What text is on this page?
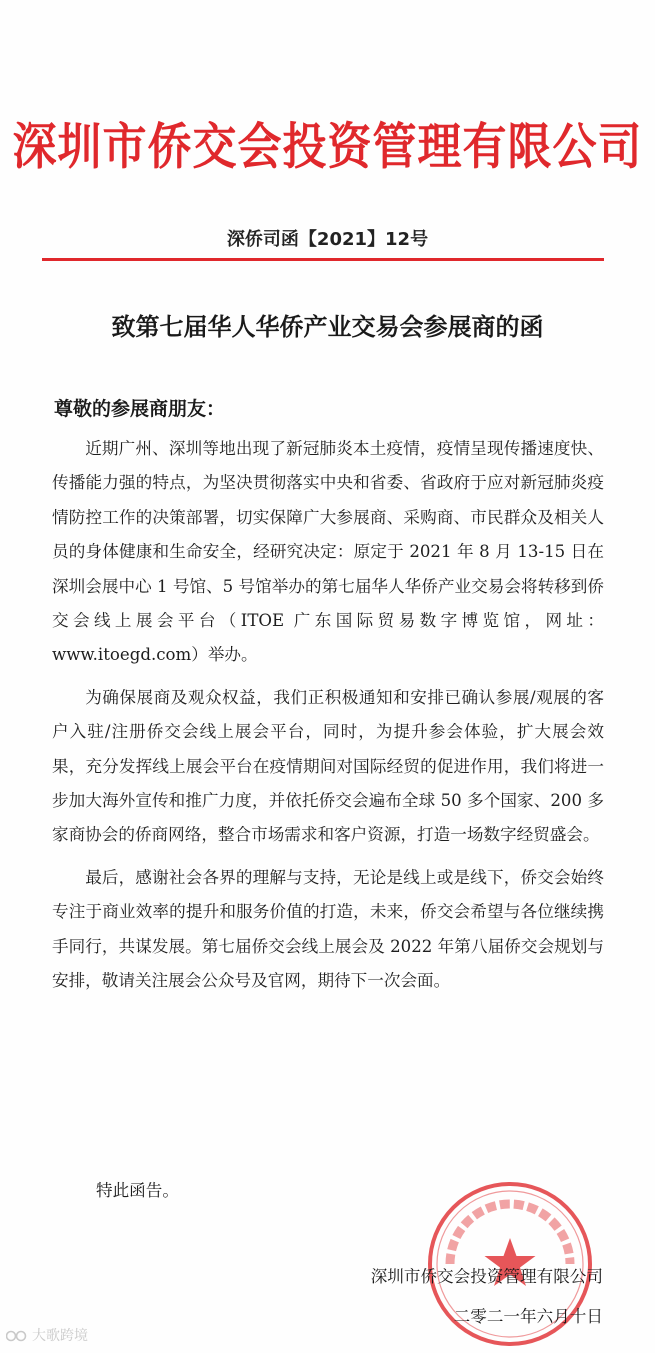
深圳市侨交会投资管理有限公司
深侨司函【2021】12号
致第七届华人华侨产业交易会参展商的函
尊敬的参展商朋友：

近期广州、深圳等地出现了新冠肺炎本土疫情，疫情呈现传播速度快、传播能力强的特点，为坚决贯彻落实中央和省委、省政府于应对新冠肺炎疫情防控工作的决策部署，切实保障广大参展商、采购商、市民群众及相关人员的身体健康和生命安全，经研究决定：原定于 2021 年 8 月 13-15 日在深圳会展中心 1 号馆、5 号馆举办的第七届华人华侨产业交易会将转移到侨交会线上展会平台（ITOE 广东国际贸易数字博览馆，网址：www.itoegd.com）举办。

为确保展商及观众权益，我们正积极通知和安排已确认参展/观展的客户入驻/注册侨交会线上展会平台，同时，为提升参会体验，扩大展会效果，充分发挥线上展会平台在疫情期间对国际经贸的促进作用，我们将进一步加大海外宣传和推广力度，并依托侨交会遍布全球 50 多个国家、200 多家商协会的侨商网络，整合市场需求和客户资源，打造一场数字经贸盛会。

最后，感谢社会各界的理解与支持，无论是线上或是线下，侨交会始终专注于商业效率的提升和服务价值的打造，未来，侨交会希望与各位继续携手同行，共谋发展。第七届侨交会线上展会及 2022 年第八届侨交会规划与安排，敬请关注展会公众号及官网，期待下一次会面。

特此函告。
深圳市侨交会投资管理有限公司
二零二一年六月十日
大歌跨境
